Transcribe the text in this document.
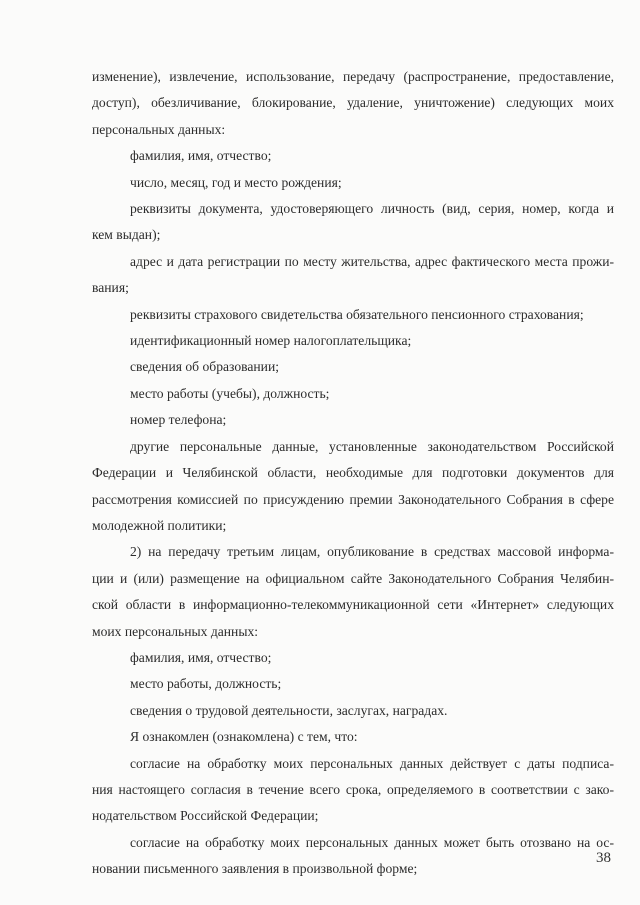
изменение), извлечение, использование, передачу (распространение, предоставление,

доступ), обезличивание, блокирование, удаление, уничтожение) следующих моих

персональных данных:

фамилия, имя, отчество;

число, месяц, год и место рождения;

реквизиты документа, удостоверяющего личность (вид, серия, номер, когда и

кем выдан);

адрес и дата регистрации по месту жительства, адрес фактического места прожи-

вания;

реквизиты страхового свидетельства обязательного пенсионного страхования;

идентификационный номер налогоплательщика;

сведения об образовании;

место работы (учебы), должность;

номер телефона;

другие персональные данные, установленные законодательством Российской

Федерации и Челябинской области, необходимые для подготовки документов для

рассмотрения комиссией по присуждению премии Законодательного Собрания в сфере

молодежной политики;

2) на передачу третьим лицам, опубликование в средствах массовой информа-

ции и (или) размещение на официальном сайте Законодательного Собрания Челябин-

ской области в информационно-телекоммуникационной сети «Интернет» следующих

моих персональных данных:

фамилия, имя, отчество;

место работы, должность;

сведения о трудовой деятельности, заслугах, наградах.

Я ознакомлен (ознакомлена) с тем, что:

согласие на обработку моих персональных данных действует с даты подписа-

ния настоящего согласия в течение всего срока, определяемого в соответствии с зако-

нодательством Российской Федерации;

согласие на обработку моих персональных данных может быть отозвано на ос-

новании письменного заявления в произвольной форме;

38
